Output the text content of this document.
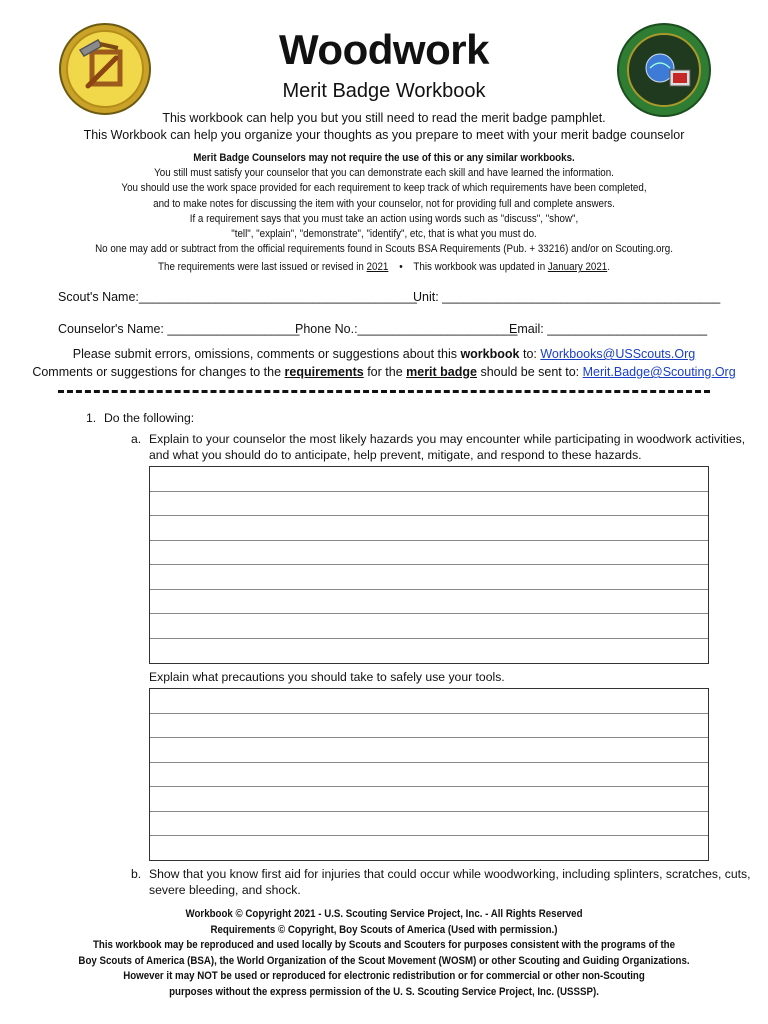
Woodwork
Merit Badge Workbook
This workbook can help you but you still need to read the merit badge pamphlet.
This Workbook can help you organize your thoughts as you prepare to meet with your merit badge counselor
Merit Badge Counselors may not require the use of this or any similar workbooks.
You still must satisfy your counselor that you can demonstrate each skill and have learned the information.
You should use the work space provided for each requirement to keep track of which requirements have been completed,
and to make notes for discussing the item with your counselor, not for providing full and complete answers.
If a requirement says that you must take an action using words such as "discuss", "show",
"tell", "explain", "demonstrate", "identify", etc, that is what you must do.
No one may add or subtract from the official requirements found in Scouts BSA Requirements (Pub. + 33216) and/or on Scouting.org.
The requirements were last issued or revised in 2021 • This workbook was updated in January 2021.
Scout's Name:________________________________________
Unit: ________________________________________
Counselor's Name: ___________________
Phone No.:_______________________
Email: _______________________
Please submit errors, omissions, comments or suggestions about this workbook to: Workbooks@USScouts.Org
Comments or suggestions for changes to the requirements for the merit badge should be sent to: Merit.Badge@Scouting.Org
1. Do the following:
a. Explain to your counselor the most likely hazards you may encounter while participating in woodwork activities,
and what you should do to anticipate, help prevent, mitigate, and respond to these hazards.
Explain what precautions you should take to safely use your tools.
b. Show that you know first aid for injuries that could occur while woodworking, including splinters, scratches, cuts,
severe bleeding, and shock.
Workbook © Copyright 2021 - U.S. Scouting Service Project, Inc. - All Rights Reserved
Requirements © Copyright, Boy Scouts of America (Used with permission.)
This workbook may be reproduced and used locally by Scouts and Scouters for purposes consistent with the programs of the
Boy Scouts of America (BSA), the World Organization of the Scout Movement (WOSM) or other Scouting and Guiding Organizations.
However it may NOT be used or reproduced for electronic redistribution or for commercial or other non-Scouting
purposes without the express permission of the U. S. Scouting Service Project, Inc. (USSSP).
